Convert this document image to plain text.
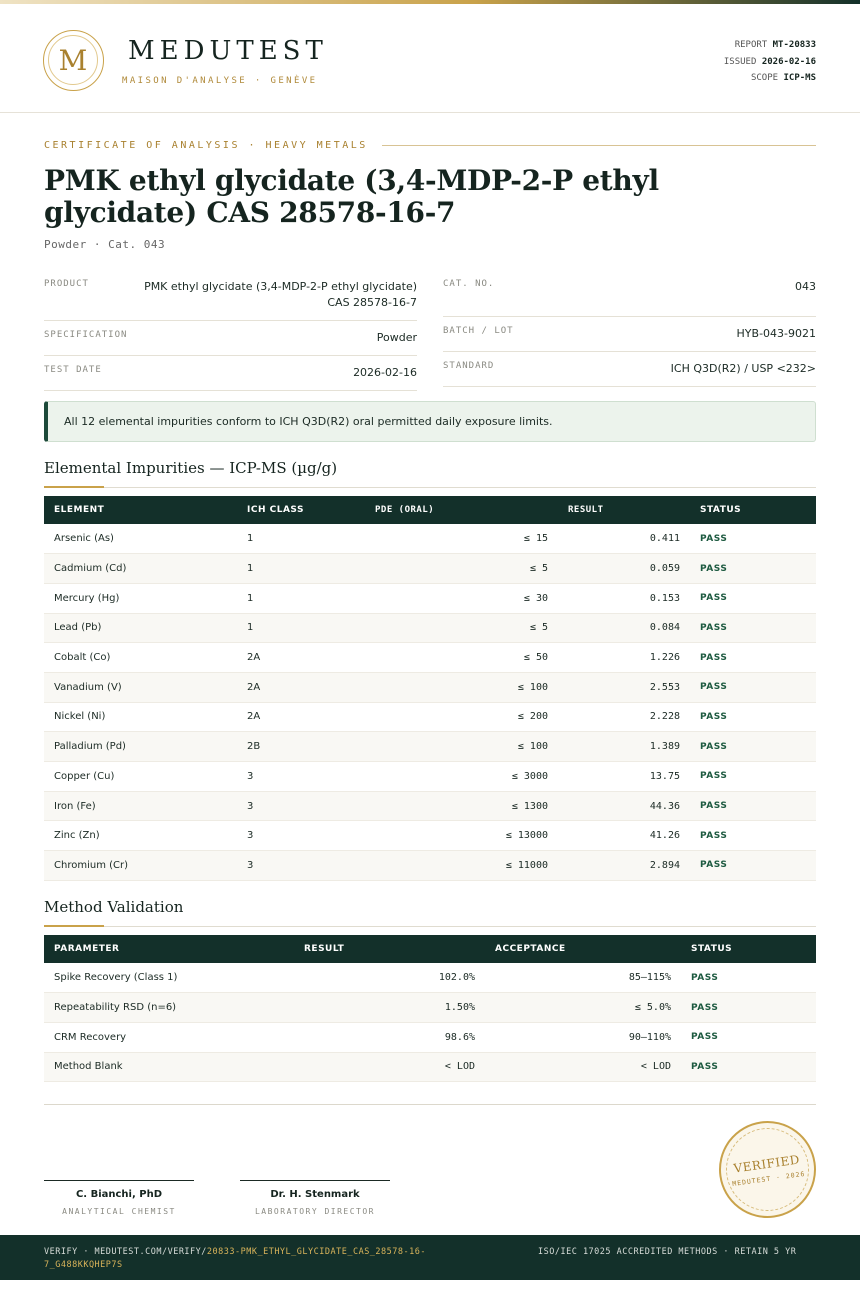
M	MEDUTEST
MAISON D'ANALYSE · GENÈVE
REPORT MT-20833
ISSUED 2026-02-16
SCOPE ICP-MS
CERTIFICATE OF ANALYSIS · HEAVY METALS
PMK ethyl glycidate (3,4-MDP-2-P ethyl glycidate) CAS 28578-16-7
Powder · Cat. 043
PRODUCT	PMK ethyl glycidate (3,4-MDP-2-P ethyl glycidate) CAS 28578-16-7
SPECIFICATION	Powder
TEST DATE	2026-02-16
CAT. NO.	043
BATCH / LOT	HYB-043-9021
STANDARD	ICH Q3D(R2) / USP <232>
All 12 elemental impurities conform to ICH Q3D(R2) oral permitted daily exposure limits.
Elemental Impurities — ICP-MS (µg/g)
ELEMENT	ICH CLASS	PDE (ORAL)	RESULT	STATUS
Arsenic (As)	1	≤ 15	0.411	PASS
Cadmium (Cd)	1	≤ 5	0.059	PASS
Mercury (Hg)	1	≤ 30	0.153	PASS
Lead (Pb)	1	≤ 5	0.084	PASS
Cobalt (Co)	2A	≤ 50	1.226	PASS
Vanadium (V)	2A	≤ 100	2.553	PASS
Nickel (Ni)	2A	≤ 200	2.228	PASS
Palladium (Pd)	2B	≤ 100	1.389	PASS
Copper (Cu)	3	≤ 3000	13.75	PASS
Iron (Fe)	3	≤ 1300	44.36	PASS
Zinc (Zn)	3	≤ 13000	41.26	PASS
Chromium (Cr)	3	≤ 11000	2.894	PASS
Method Validation
PARAMETER	RESULT	ACCEPTANCE	STATUS
Spike Recovery (Class 1)	102.0%	85–115%	PASS
Repeatability RSD (n=6)	1.50%	≤ 5.0%	PASS
CRM Recovery	98.6%	90–110%	PASS
Method Blank	< LOD	< LOD	PASS
C. Bianchi, PhD
ANALYTICAL CHEMIST
Dr. H. Stenmark
LABORATORY DIRECTOR
VERIFIED
MEDUTEST · 2026
VERIFY · MEDUTEST.COM/VERIFY/20833-PMK_ETHYL_GLYCIDATE_CAS_28578-16-7_G488KKQHEP7S
ISO/IEC 17025 ACCREDITED METHODS · RETAIN 5 YR
